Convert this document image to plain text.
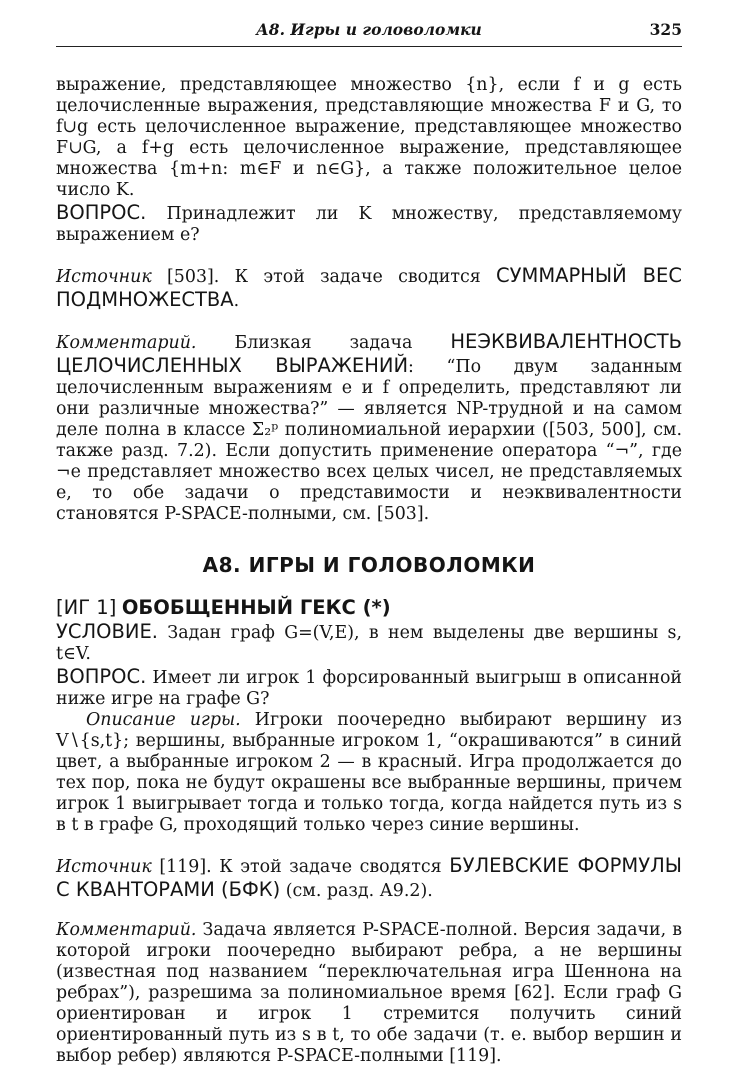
А8. Игры и головоломки	325

выражение, представляющее множество {n}, если f и g есть целочисленные выражения, представляющие множества F и G, то f∪g есть целочисленное выражение, представляющее множество F∪G, а f+g есть целочисленное выражение, представляющее множества {m+n: m∈F и n∈G}, а также положительное целое число K.
ВОПРОС. Принадлежит ли K множеству, представляемому выражением e?

Источник [503]. К этой задаче сводится СУММАРНЫЙ ВЕС ПОДМНОЖЕСТВА.

Комментарий. Близкая задача НЕЭКВИВАЛЕНТНОСТЬ ЦЕЛОЧИСЛЕННЫХ ВЫРАЖЕНИЙ: “По двум заданным целочисленным выражениям e и f определить, представляют ли они различные множества?” — является NP-трудной и на самом деле полна в классе Σ₂ᵖ полиномиальной иерархии ([503, 500], см. также разд. 7.2). Если допустить применение оператора “¬”, где ¬e представляет множество всех целых чисел, не представляемых e, то обе задачи о представимости и неэквивалентности становятся P-SPACE-полными, см. [503].

А8. ИГРЫ И ГОЛОВОЛОМКИ

[ИГ 1] ОБОБЩЕННЫЙ ГЕКС (*)
УСЛОВИЕ. Задан граф G=(V,E), в нем выделены две вершины s, t∈V.
ВОПРОС. Имеет ли игрок 1 форсированный выигрыш в описанной ниже игре на графе G?

Описание игры. Игроки поочередно выбирают вершину из V∖{s,t}; вершины, выбранные игроком 1, “окрашиваются” в синий цвет, а выбранные игроком 2 — в красный. Игра продолжается до тех пор, пока не будут окрашены все выбранные вершины, причем игрок 1 выигрывает тогда и только тогда, когда найдется путь из s в t в графе G, проходящий только через синие вершины.

Источник [119]. К этой задаче сводятся БУЛЕВСКИЕ ФОРМУЛЫ С КВАНТОРАМИ (БФК) (см. разд. А9.2).

Комментарий. Задача является P-SPACE-полной. Версия задачи, в которой игроки поочередно выбирают ребра, а не вершины (известная под названием “переключательная игра Шеннона на ребрах”), разрешима за полиномиальное время [62]. Если граф G ориентирован и игрок 1 стремится получить синий ориентированный путь из s в t, то обе задачи (т. е. выбор вершин и выбор ребер) являются P-SPACE-полными [119].
